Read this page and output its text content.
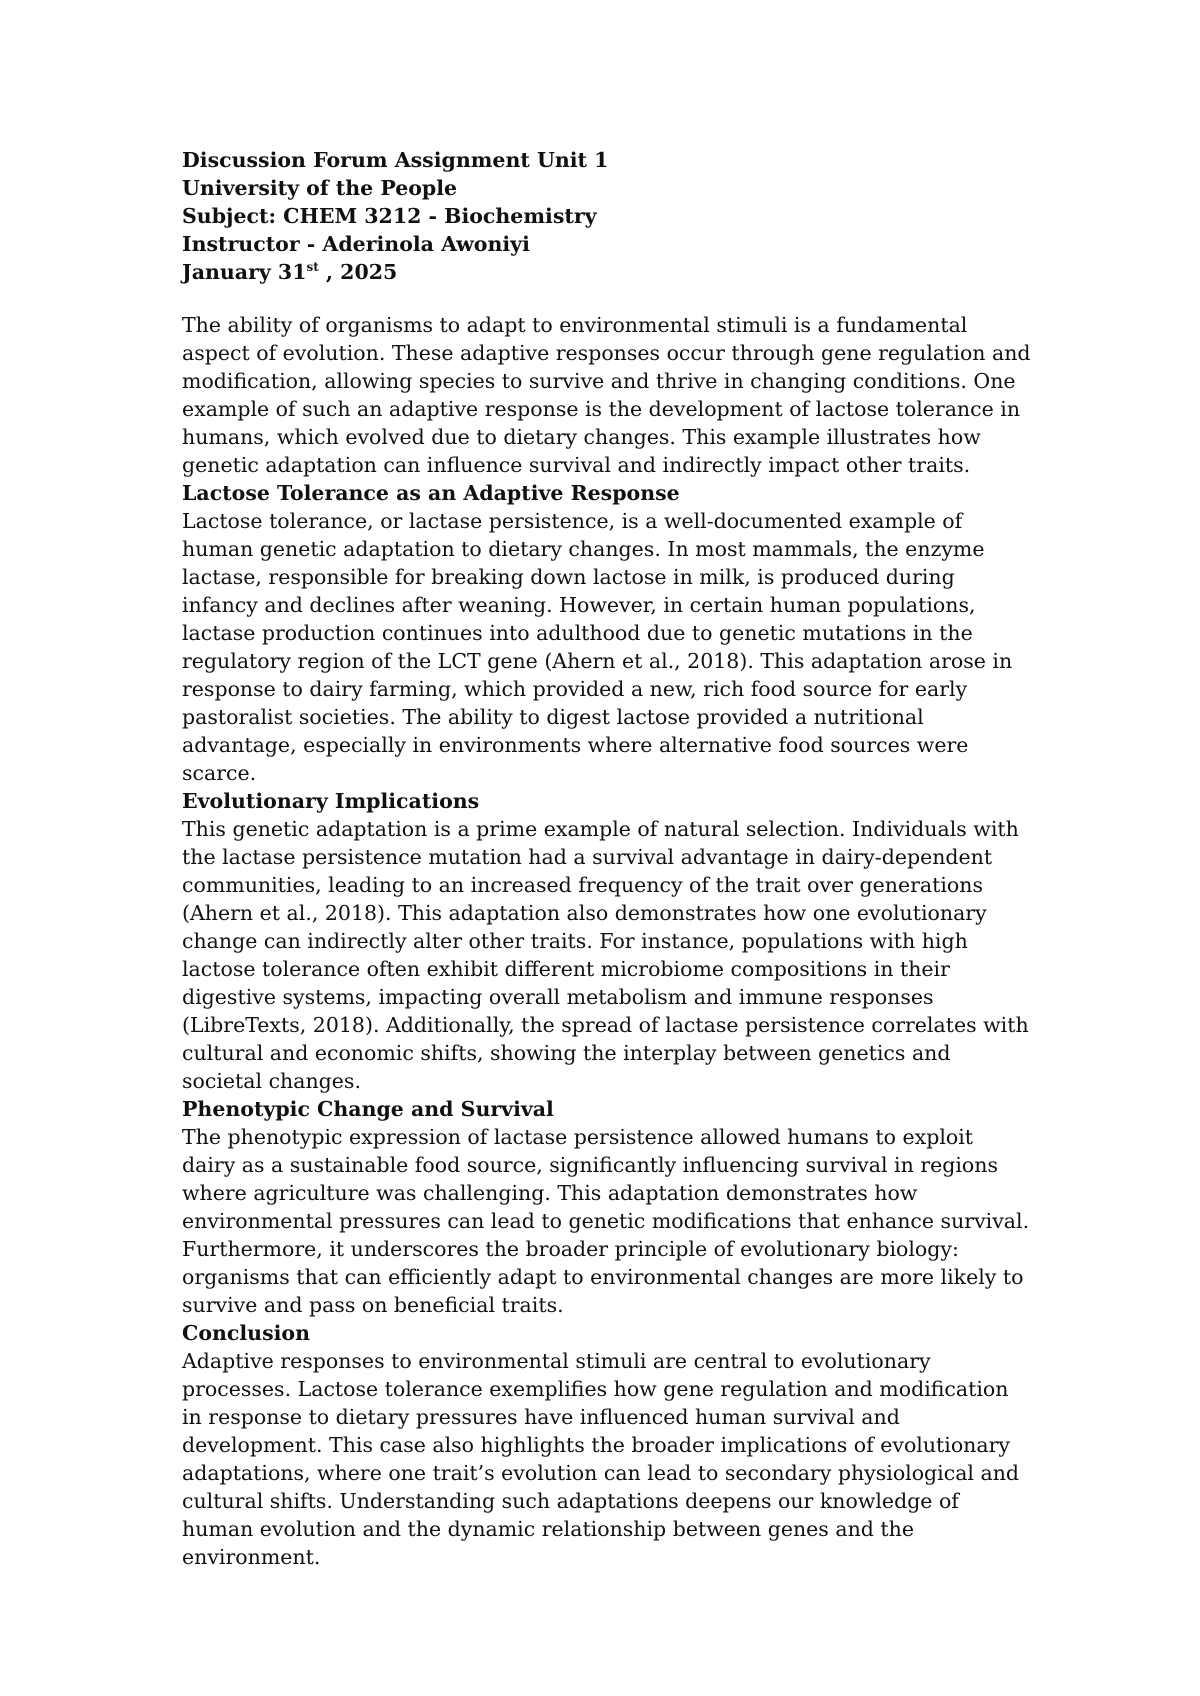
Discussion Forum Assignment Unit 1

University of the People

Subject: CHEM 3212 - Biochemistry

Instructor - Aderinola Awoniyi

January 31st , 2025

The ability of organisms to adapt to environmental stimuli is a fundamental aspect of evolution. These adaptive responses occur through gene regulation and modification, allowing species to survive and thrive in changing conditions. One example of such an adaptive response is the development of lactose tolerance in humans, which evolved due to dietary changes. This example illustrates how genetic adaptation can influence survival and indirectly impact other traits.

Lactose Tolerance as an Adaptive Response

Lactose tolerance, or lactase persistence, is a well-documented example of human genetic adaptation to dietary changes. In most mammals, the enzyme lactase, responsible for breaking down lactose in milk, is produced during infancy and declines after weaning. However, in certain human populations, lactase production continues into adulthood due to genetic mutations in the regulatory region of the LCT gene (Ahern et al., 2018). This adaptation arose in response to dairy farming, which provided a new, rich food source for early pastoralist societies. The ability to digest lactose provided a nutritional advantage, especially in environments where alternative food sources were scarce.

Evolutionary Implications

This genetic adaptation is a prime example of natural selection. Individuals with the lactase persistence mutation had a survival advantage in dairy-dependent communities, leading to an increased frequency of the trait over generations (Ahern et al., 2018). This adaptation also demonstrates how one evolutionary change can indirectly alter other traits. For instance, populations with high lactose tolerance often exhibit different microbiome compositions in their digestive systems, impacting overall metabolism and immune responses (LibreTexts, 2018). Additionally, the spread of lactase persistence correlates with cultural and economic shifts, showing the interplay between genetics and societal changes.

Phenotypic Change and Survival

The phenotypic expression of lactase persistence allowed humans to exploit dairy as a sustainable food source, significantly influencing survival in regions where agriculture was challenging. This adaptation demonstrates how environmental pressures can lead to genetic modifications that enhance survival. Furthermore, it underscores the broader principle of evolutionary biology: organisms that can efficiently adapt to environmental changes are more likely to survive and pass on beneficial traits.

Conclusion

Adaptive responses to environmental stimuli are central to evolutionary processes. Lactose tolerance exemplifies how gene regulation and modification in response to dietary pressures have influenced human survival and development. This case also highlights the broader implications of evolutionary adaptations, where one trait’s evolution can lead to secondary physiological and cultural shifts. Understanding such adaptations deepens our knowledge of human evolution and the dynamic relationship between genes and the environment.
